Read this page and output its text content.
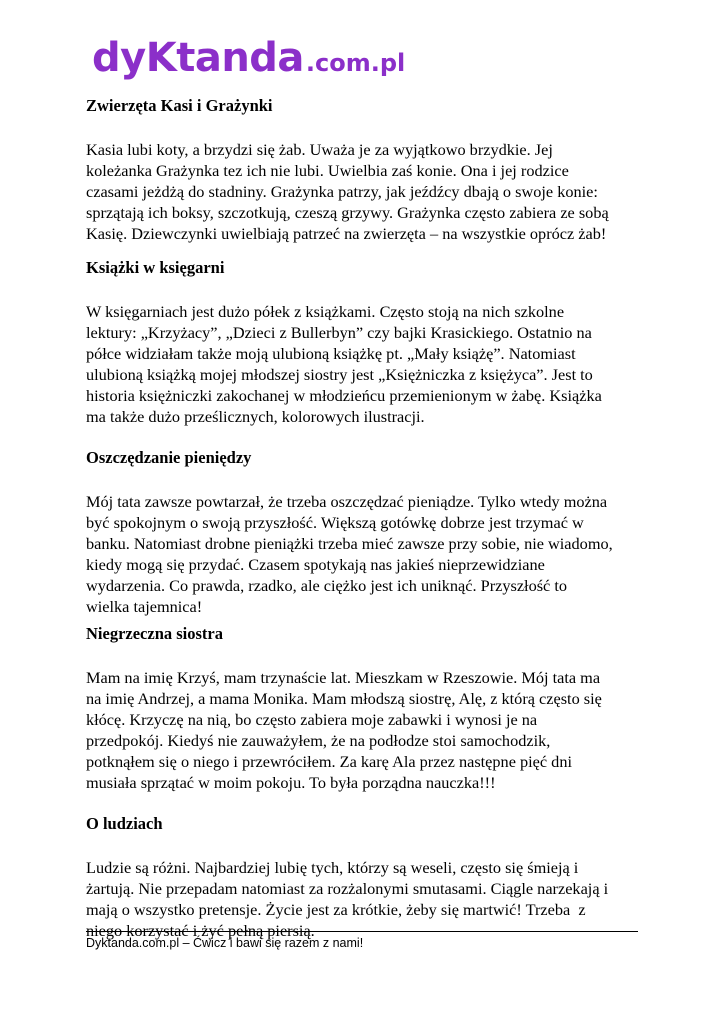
dyKtanda .com.pl
Zwierzęta Kasi i Grażynki
Kasia lubi koty, a brzydzi się żab. Uważa je za wyjątkowo brzydkie. Jej
koleżanka Grażynka tez ich nie lubi. Uwielbia zaś konie. Ona i jej rodzice
czasami jeżdżą do stadniny. Grażynka patrzy, jak jeźdźcy dbają o swoje konie:
sprzątają ich boksy, szczotkują, czeszą grzywy. Grażynka często zabiera ze sobą
Kasię. Dziewczynki uwielbiają patrzeć na zwierzęta – na wszystkie oprócz żab!
Książki w księgarni
W księgarniach jest dużo półek z książkami. Często stoją na nich szkolne
lektury: „Krzyżacy”, „Dzieci z Bullerbyn” czy bajki Krasickiego. Ostatnio na
półce widziałam także moją ulubioną książkę pt. „Mały książę”. Natomiast
ulubioną książką mojej młodszej siostry jest „Księżniczka z księżyca”. Jest to
historia księżniczki zakochanej w młodzieńcu przemienionym w żabę. Książka
ma także dużo prześlicznych, kolorowych ilustracji.
Oszczędzanie pieniędzy
Mój tata zawsze powtarzał, że trzeba oszczędzać pieniądze. Tylko wtedy można
być spokojnym o swoją przyszłość. Większą gotówkę dobrze jest trzymać w
banku. Natomiast drobne pieniążki trzeba mieć zawsze przy sobie, nie wiadomo,
kiedy mogą się przydać. Czasem spotykają nas jakieś nieprzewidziane
wydarzenia. Co prawda, rzadko, ale ciężko jest ich uniknąć. Przyszłość to
wielka tajemnica!
Niegrzeczna siostra
Mam na imię Krzyś, mam trzynaście lat. Mieszkam w Rzeszowie. Mój tata ma
na imię Andrzej, a mama Monika. Mam młodszą siostrę, Alę, z którą często się
kłócę. Krzyczę na nią, bo często zabiera moje zabawki i wynosi je na
przedpokój. Kiedyś nie zauważyłem, że na podłodze stoi samochodzik,
potknąłem się o niego i przewróciłem. Za karę Ala przez następne pięć dni
musiała sprzątać w moim pokoju. To była porządna nauczka!!!
O ludziach
Ludzie są różni. Najbardziej lubię tych, którzy są weseli, często się śmieją i
żartują. Nie przepadam natomiast za rozżalonymi smutasami. Ciągle narzekają i
mają o wszystko pretensje. Życie jest za krótkie, żeby się martwić! Trzeba  z
niego korzystać i żyć pełną piersią.
Dyktanda.com.pl – Ćwicz i bawi się razem z nami!
